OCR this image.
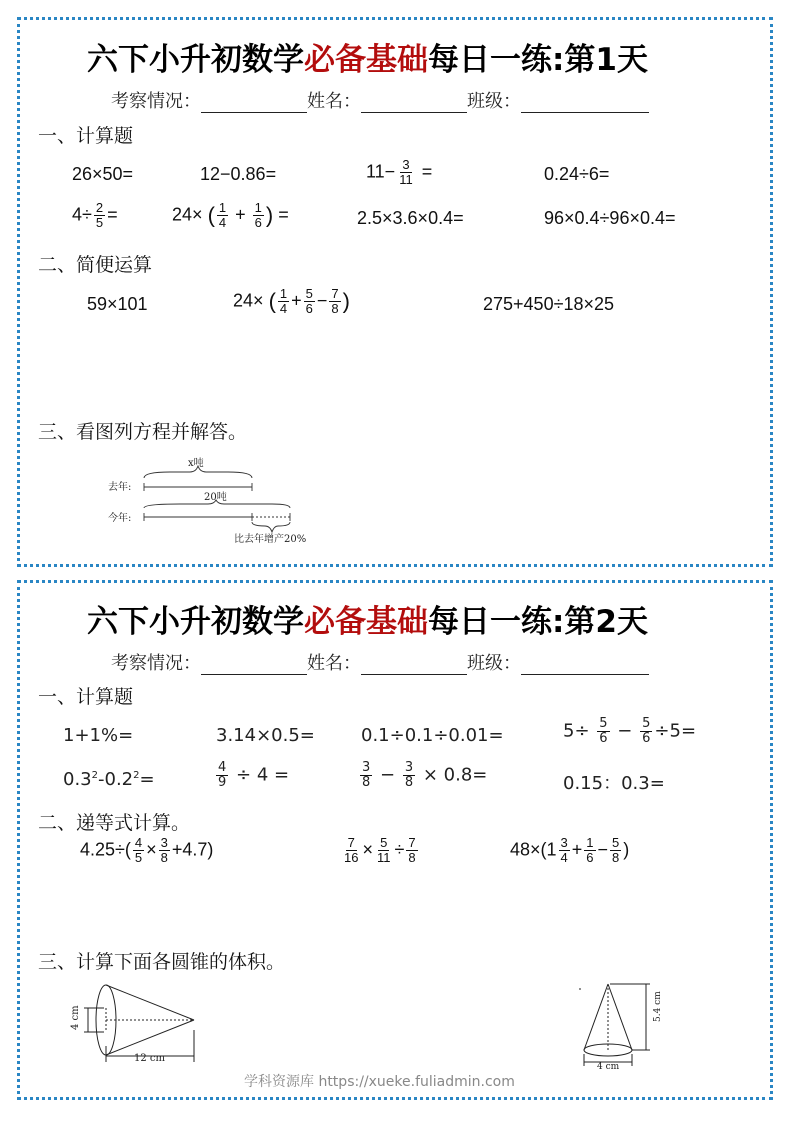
六下小升初数学必备基础每日一练:第1天
考察情况：	姓名：	班级：
一、计算题
26×50=	12−0.86=	$11- \frac{3}{11}$ =	0.24÷6=
$4\div \frac{2}{5}$ =	24× ( $\frac{1}{4} + \frac{1}{6}$ ) =	2.5×3.6×0.4=	96×0.4÷96×0.4=
二、简便运算
59×101	24× ( $\frac{1}{4} + \frac{5}{6} - \frac{7}{8}$ )	275+450÷18×25
三、看图列方程并解答。
x吨
去年:
20吨
今年:
比去年增产20%
六下小升初数学必备基础每日一练:第2天
考察情况：	姓名：	班级：
一、计算题
1+1%=	3.14×0.5=	0.1÷0.1÷0.01=	$5\div \frac{5}{6} - \frac{5}{6} \div 5=$
$0.3^2-0.2^2=$	$\frac{4}{9} \div 4$ =	$\frac{3}{8} - \frac{3}{8} \times 0.8=$	0.15：0.3=
二、递等式计算。
$4.25\div( \frac{4}{5} \times \frac{3}{8} +4.7)$	$\frac{7}{16} \times \frac{5}{11} \div \frac{7}{8}$	$48\times(1 \frac{3}{4} + \frac{1}{6} - \frac{5}{8}$ )
三、计算下面各圆锥的体积。
4 cm
12 cm
5.4 cm
4 cm
学科资源库 https://xueke.fuliadmin.com
